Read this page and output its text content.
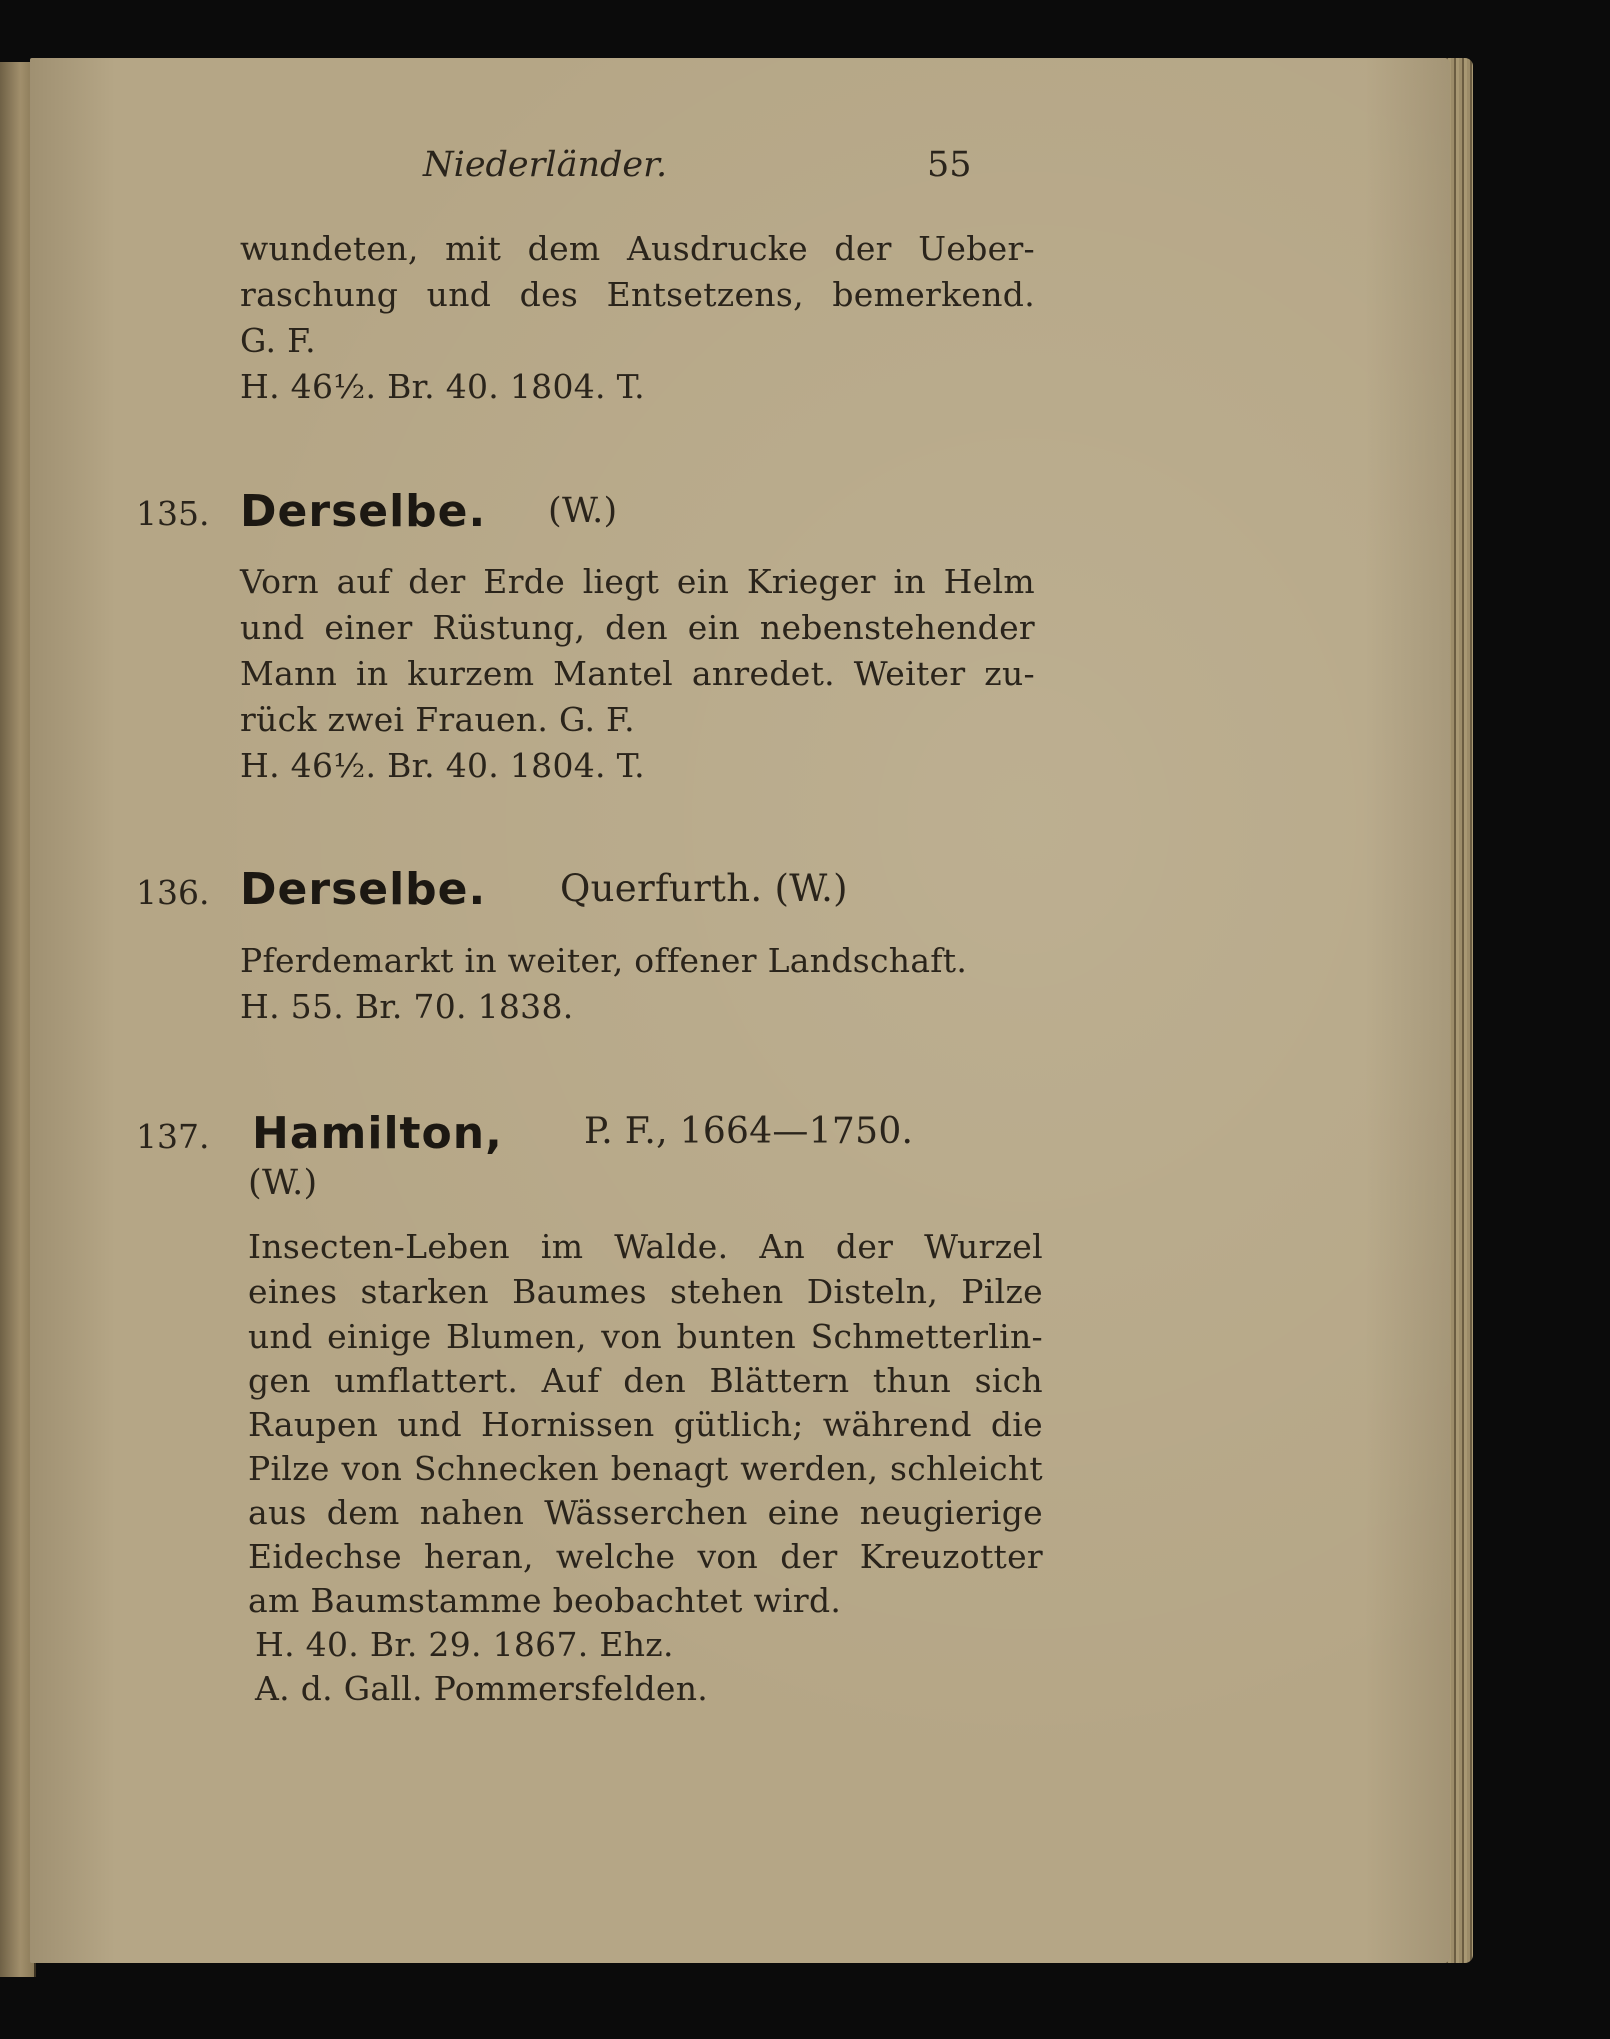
Niederländer.	55
wundeten, mit dem Ausdrucke der Ueber-
raschung und des Entsetzens, bemerkend.
G. F.
H. 46½. Br. 40. 1804. T.
135. Derselbe. (W.)
Vorn auf der Erde liegt ein Krieger in Helm
und einer Rüstung, den ein nebenstehender
Mann in kurzem Mantel anredet. Weiter zu-
rück zwei Frauen. G. F.
H. 46½. Br. 40. 1804. T.
136. Derselbe. Querfurth. (W.)
Pferdemarkt in weiter, offener Landschaft.
H. 55. Br. 70. 1838.
137. Hamilton, P. F., 1664—1750.
(W.)
Insecten-Leben im Walde. An der Wurzel
eines starken Baumes stehen Disteln, Pilze
und einige Blumen, von bunten Schmetterlin-
gen umflattert. Auf den Blättern thun sich
Raupen und Hornissen gütlich; während die
Pilze von Schnecken benagt werden, schleicht
aus dem nahen Wässerchen eine neugierige
Eidechse heran, welche von der Kreuzotter
am Baumstamme beobachtet wird.
H. 40. Br. 29. 1867. Ehz.
A. d. Gall. Pommersfelden.
